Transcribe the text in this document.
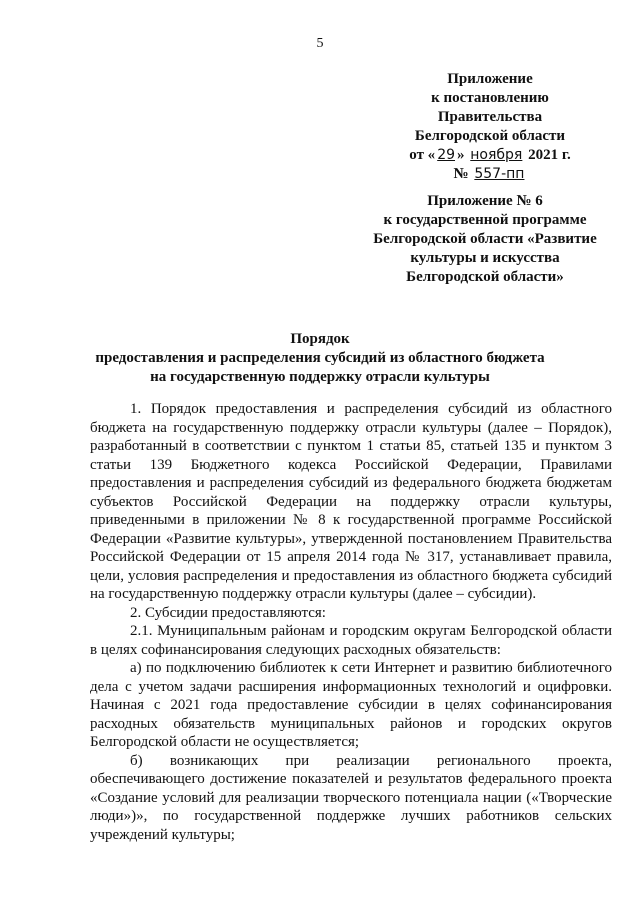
5
Приложение
к постановлению Правительства
Белгородской области
от « 29 » ноября 2021 г.
№ 557-пп
Приложение № 6
к государственной программе
Белгородской области «Развитие
культуры и искусства
Белгородской области»
Порядок
предоставления и распределения субсидий из областного бюджета
на государственную поддержку отрасли культуры

1. Порядок предоставления и распределения субсидий из областного бюджета на государственную поддержку отрасли культуры (далее – Порядок), разработанный в соответствии с пунктом 1 статьи 85, статьей 135 и пунктом 3 статьи 139 Бюджетного кодекса Российской Федерации, Правилами предоставления и распределения субсидий из федерального бюджета бюджетам субъектов Российской Федерации на поддержку отрасли культуры, приведенными в приложении № 8 к государственной программе Российской Федерации «Развитие культуры», утвержденной постановлением Правительства Российской Федерации от 15 апреля 2014 года № 317, устанавливает правила, цели, условия распределения и предоставления из областного бюджета субсидий на государственную поддержку отрасли культуры (далее – субсидии).

2. Субсидии предоставляются:

2.1. Муниципальным районам и городским округам Белгородской области в целях софинансирования следующих расходных обязательств:

а) по подключению библиотек к сети Интернет и развитию библиотечного дела с учетом задачи расширения информационных технологий и оцифровки. Начиная с 2021 года предоставление субсидии в целях софинансирования расходных обязательств муниципальных районов и городских округов Белгородской области не осуществляется;

б) возникающих при реализации регионального проекта, обеспечивающего достижение показателей и результатов федерального проекта «Создание условий для реализации творческого потенциала нации («Творческие люди»)», по государственной поддержке лучших работников сельских учреждений культуры;
